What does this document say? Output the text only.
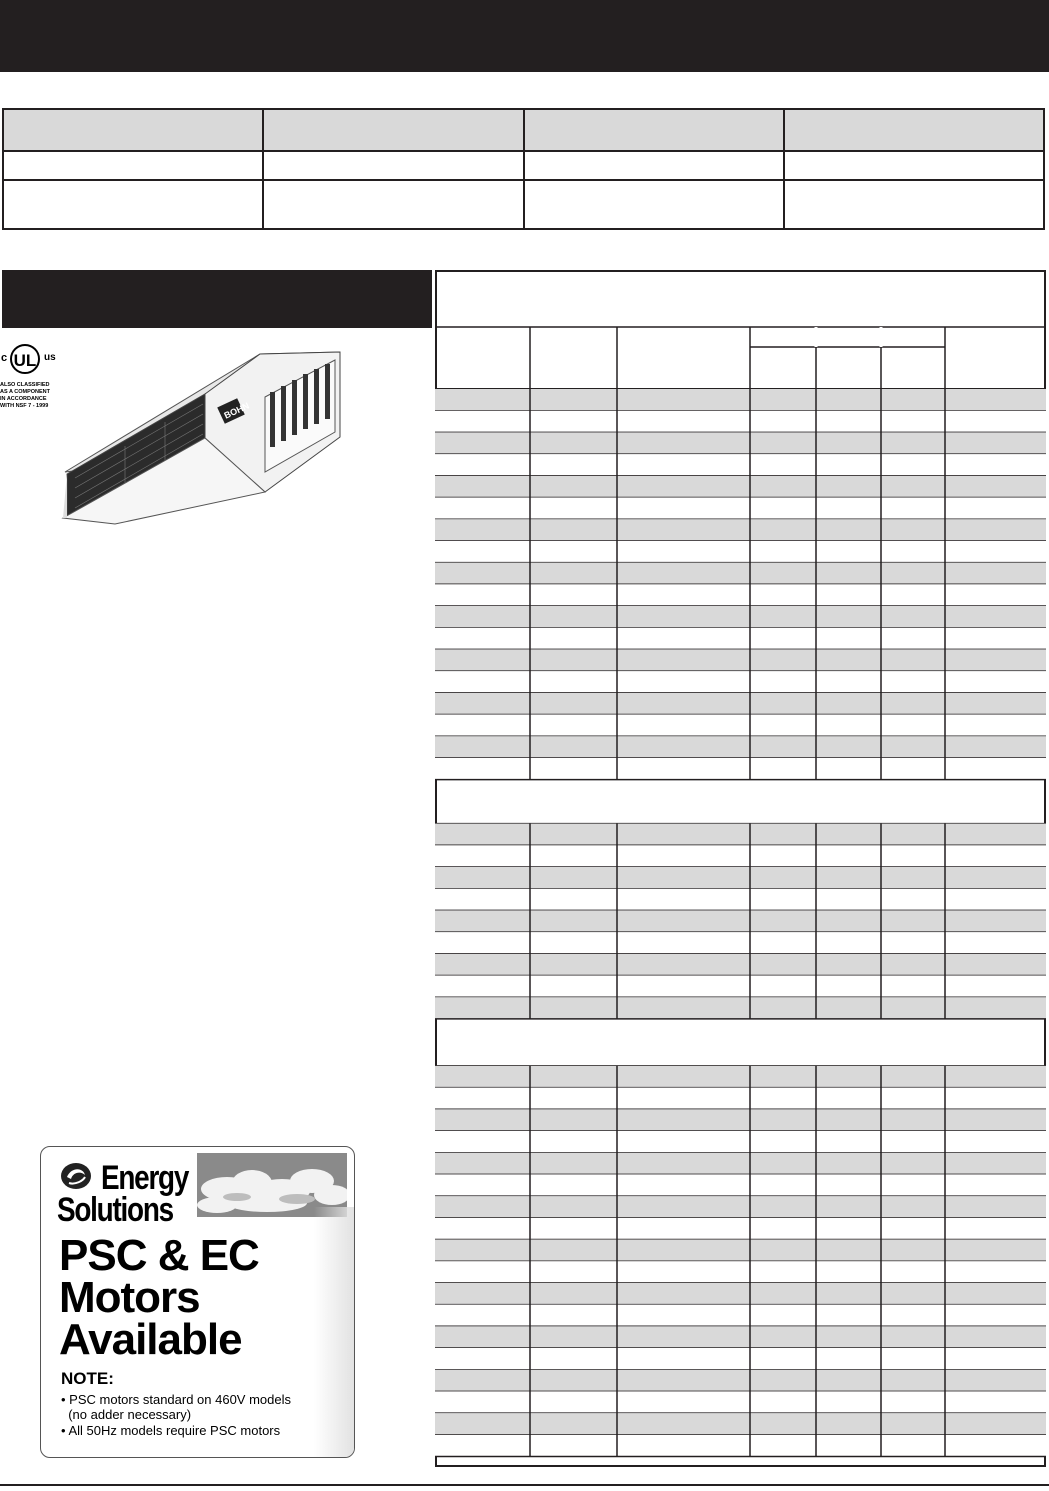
c UL us
ALSO CLASSIFIED
AS A COMPONENT
IN ACCORDANCE
WITH NSF 7 - 1999	BOHN
Energy
Solutions
PSC & EC
Motors
Available
NOTE:
• PSC motors standard on 460V models
(no adder necessary)
• All 50Hz models require PSC motors
